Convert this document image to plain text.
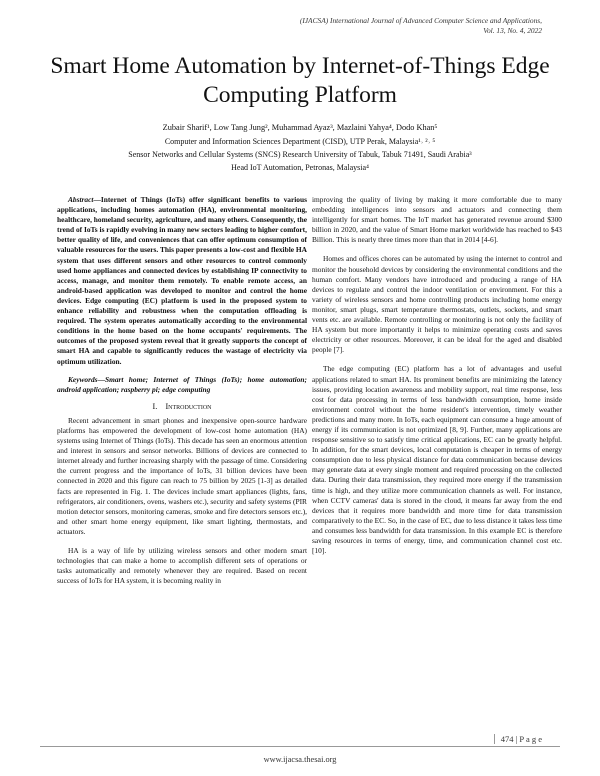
(IJACSA) International Journal of Advanced Computer Science and Applications,
Vol. 13, No. 4, 2022
Smart Home Automation by Internet-of-Things Edge
Computing Platform
Zubair Sharif¹, Low Tang Jung², Muhammad Ayaz³, Mazlaini Yahya⁴, Dodo Khan⁵
Computer and Information Sciences Department (CISD), UTP Perak, Malaysia¹˒ ²˒ ⁵
Sensor Networks and Cellular Systems (SNCS) Research University of Tabuk, Tabuk 71491, Saudi Arabia³
Head IoT Automation, Petronas, Malaysia⁴

Abstract—Internet of Things (IoTs) offer significant benefits to various applications, including homes automation (HA), environmental monitoring, healthcare, homeland security, agriculture, and many others. Consequently, the trend of IoTs is rapidly evolving in many new sectors leading to higher comfort, better quality of life, and conveniences that can offer optimum consumption of valuable resources for the users. This paper presents a low-cost and flexible HA system that uses different sensors and other resources to control commonly used home appliances and connected devices by establishing IP connectivity to access, manage, and monitor them remotely. To enable remote access, an android-based application was developed to monitor and control the home devices. Edge computing (EC) platform is used in the proposed system to enhance reliability and robustness when the computation offloading is required. The system operates automatically according to the environmental conditions in the home based on the home occupants' requirements. The outcomes of the proposed system reveal that it greatly supports the concept of smart HA and capable to significantly reduces the wastage of electricity via optimum utilization.

Keywords—Smart home; Internet of Things (IoTs); home automation; android application; raspberry pi; edge computing

I. Introduction

Recent advancement in smart phones and inexpensive open-source hardware platforms has empowered the development of low-cost home automation (HA) systems using Internet of Things (IoTs). This decade has seen an enormous attention and interest in sensors and sensor networks. Billions of devices are connected to internet already and further increasing sharply with the passage of time. Considering the current progress and the importance of IoTs, 31 billion devices have been connected in 2020 and this figure can reach to 75 billion by 2025 [1-3] as detailed facts are represented in Fig. 1. The devices include smart appliances (lights, fans, refrigerators, air conditioners, ovens, washers etc.), security and safety systems (PIR motion detector sensors, monitoring cameras, smoke and fire detectors sensors etc.), and other smart home energy equipment, like smart lighting, thermostats, and actuators.

HA is a way of life by utilizing wireless sensors and other modern smart technologies that can make a home to accomplish different sets of operations or tasks automatically and remotely whenever they are required. Based on recent success of IoTs for HA system, it is becoming reality in

improving the quality of living by making it more comfortable due to many embedding intelligences into sensors and actuators and connecting them intelligently for smart homes. The IoT market has generated revenue around $300 billion in 2020, and the value of Smart Home market worldwide has reached to $43 Billion. This is nearly three times more than that in 2014 [4-6].

Homes and offices chores can be automated by using the internet to control and monitor the household devices by considering the environmental conditions and the human comfort. Many vendors have introduced and producing a range of HA devices to regulate and control the indoor ventilation or environment. For this a variety of wireless sensors and home controlling products including home energy monitor, smart plugs, smart temperature thermostats, outlets, sockets, and smart vents etc. are available. Remote controlling or monitoring is not only the facility of HA system but more importantly it helps to minimize operating costs and saves electricity or other resources. Moreover, it can be ideal for the aged and disabled people [7].

The edge computing (EC) platform has a lot of advantages and useful applications related to smart HA. Its prominent benefits are minimizing the latency issues, providing location awareness and mobility support, real time response, less cost for data processing in terms of less bandwidth consumption, home inside environment control without the home resident's intervention, timely weather predictions and many more. In IoTs, each equipment can consume a huge amount of energy if its communication is not optimized [8, 9]. Further, many applications are response sensitive so to satisfy time critical applications, EC can be greatly helpful. In addition, for the smart devices, local computation is cheaper in terms of energy consumption due to less physical distance for data communication because devices may generate data at every single moment and required processing on the collected data. During their data transmission, they required more energy if the transmission time is high, and they utilize more communication channels as well. For instance, when CCTV cameras' data is stored in the cloud, it means far away from the end devices that it requires more bandwidth and more time for data transmission comparatively to the EC. So, in the case of EC, due to less distance it takes less time and consumes less bandwidth for data transmission. In this example EC is therefore saving resources in terms of energy, time, and communication channel cost etc. [10].

474 | P a g e
www.ijacsa.thesai.org
